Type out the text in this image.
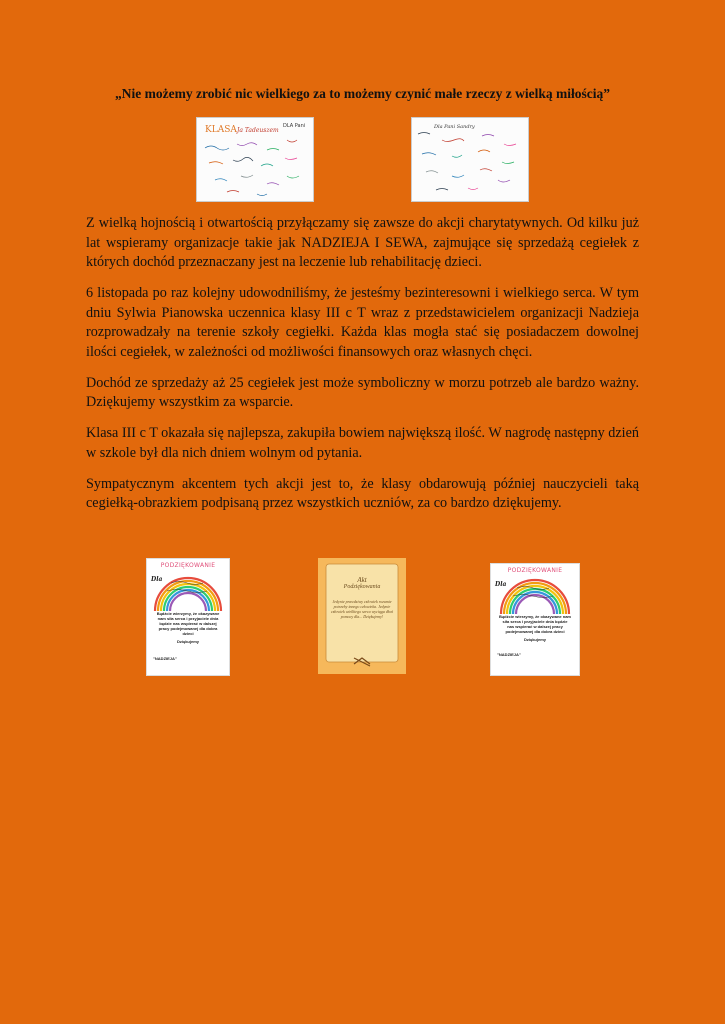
„Nie możemy zrobić nic wielkiego za to możemy czynić małe rzeczy z wielką miłością”
KLASA Ja Tadeuszem
DLA Pani	Dla Pani Sandry

Z wielką hojnością i otwartością przyłączamy się zawsze do akcji charytatywnych. Od kilku już lat wspieramy organizacje takie jak NADZIEJA I SEWA, zajmujące się sprzedażą cegiełek z których dochód przeznaczany jest na leczenie lub rehabilitację dzieci.

6 listopada po raz kolejny udowodniliśmy, że jesteśmy bezinteresowni i wielkiego serca. W tym dniu Sylwia Pianowska uczennica klasy III c T wraz z przedstawicielem organizacji Nadzieja rozprowadzały na terenie szkoły cegiełki. Każda klas mogła stać się posiadaczem dowolnej ilości cegiełek, w zależności od możliwości finansowych oraz własnych chęci.

Dochód ze sprzedaży aż 25 cegiełek jest może symboliczny w morzu potrzeb ale bardzo ważny. Dziękujemy wszystkim za wsparcie.

Klasa III c T okazała się najlepsza, zakupiła bowiem największą ilość. W nagrodę następny dzień w szkole był dla nich dniem wolnym od pytania.

Sympatycznym akcentem tych akcji jest to, że klasy obdarowują później nauczycieli taką cegiełką-obrazkiem podpisaną przez wszystkich uczniów, za co bardzo dziękujemy.

PODZIĘKOWANIE
Dla
Bądźcie wierzymy, że okazywane nam siła serca i przyjaciele dnia będzie nas wspierać w dalszej pracy podejmowanej dla dobra dzieci
Dziękujemy
"NADZIEJA"
Akt
Podziękowania
Jedynie prawdziwy człowiek rozumie potrzeby innego człowieka. Jedynie człowiek wielkiego serca wyciąga dłoń pomocy dla... Dziękujemy!
PODZIĘKOWANIE
Dla
Bądźcie wierzymy, że okazywane nam siła serca i przyjaciele dnia będzie nas wspierać w dalszej pracy podejmowanej dla dobra dzieci
Dziękujemy
"NADZIEJA"
